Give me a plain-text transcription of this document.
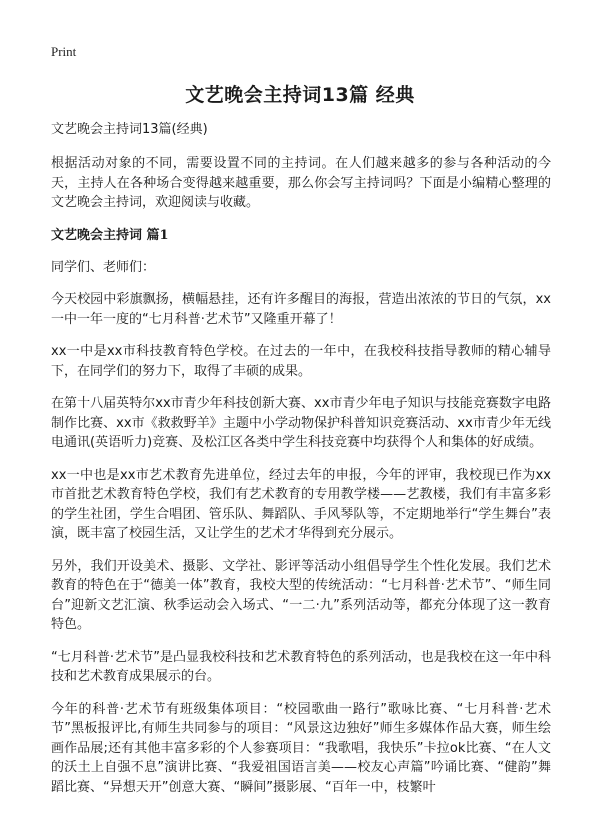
Print
文艺晚会主持词13篇 经典

文艺晚会主持词13篇(经典)

根据活动对象的不同，需要设置不同的主持词。在人们越来越多的参与各种活动的今天，主持人在各种场合变得越来越重要，那么你会写主持词吗？下面是小编精心整理的文艺晚会主持词，欢迎阅读与收藏。

文艺晚会主持词 篇1

同学们、老师们：

今天校园中彩旗飘扬，横幅悬挂，还有许多醒目的海报，营造出浓浓的节日的气氛，xx一中一年一度的“七月科普·艺术节”又隆重开幕了！

xx一中是xx市科技教育特色学校。在过去的一年中，在我校科技指导教师的精心辅导下，在同学们的努力下，取得了丰硕的成果。

在第十八届英特尔xx市青少年科技创新大赛、xx市青少年电子知识与技能竞赛数字电路制作比赛、xx市《救救野羊》主题中小学动物保护科普知识竞赛活动、xx市青少年无线电通讯(英语听力)竞赛、及松江区各类中学生科技竞赛中均获得个人和集体的好成绩。

xx一中也是xx市艺术教育先进单位，经过去年的申报，今年的评审，我校现已作为xx市首批艺术教育特色学校，我们有艺术教育的专用教学楼——艺教楼，我们有丰富多彩的学生社团，学生合唱团、管乐队、舞蹈队、手风琴队等，不定期地举行“学生舞台”表演，既丰富了校园生活，又让学生的艺术才华得到充分展示。

另外，我们开设美术、摄影、文学社、影评等活动小组倡导学生个性化发展。我们艺术教育的特色在于“德美一体”教育，我校大型的传统活动：“七月科普·艺术节”、“师生同台”迎新文艺汇演、秋季运动会入场式、“一二·九”系列活动等，都充分体现了这一教育特色。

“七月科普·艺术节”是凸显我校科技和艺术教育特色的系列活动，也是我校在这一年中科技和艺术教育成果展示的台。

今年的科普·艺术节有班级集体项目：“校园歌曲一路行”歌咏比赛、“七月科普·艺术节”黑板报评比,有师生共同参与的项目：“风景这边独好”师生多媒体作品大赛，师生绘画作品展;还有其他丰富多彩的个人参赛项目：“我歌唱，我快乐”卡拉ok比赛、“在人文的沃土上自强不息”演讲比赛、“我爱祖国语言美——校友心声篇”吟诵比赛、“健韵”舞蹈比赛、“异想天开”创意大赛、“瞬间”摄影展、“百年一中，枝繁叶
